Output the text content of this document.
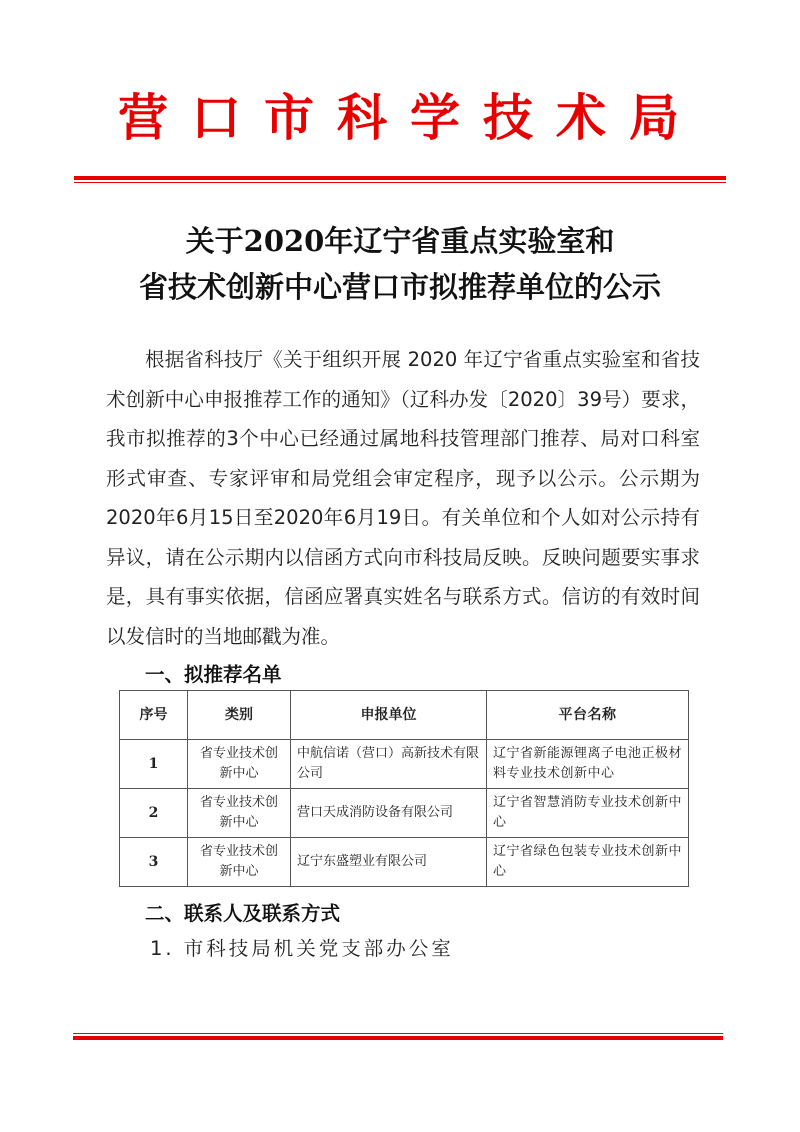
营口市科学技术局
关于2020年辽宁省重点实验室和
省技术创新中心营口市拟推荐单位的公示
根据省科技厅《关于组织开展 2020 年辽宁省重点实验室和省技术创新中心申报推荐工作的通知》（辽科办发〔2020〕39号）要求，我市拟推荐的3个中心已经通过属地科技管理部门推荐、局对口科室形式审查、专家评审和局党组会审定程序，现予以公示。公示期为2020年6月15日至2020年6月19日。有关单位和个人如对公示持有异议，请在公示期内以信函方式向市科技局反映。反映问题要实事求是，具有事实依据，信函应署真实姓名与联系方式。信访的有效时间以发信时的当地邮戳为准。
一、拟推荐名单
序号	类别	申报单位	平台名称
1	省专业技术创新中心	中航信诺（营口）高新技术有限公司	辽宁省新能源锂离子电池正极材料专业技术创新中心
2	省专业技术创新中心	营口天成消防设备有限公司	辽宁省智慧消防专业技术创新中心
3	省专业技术创新中心	辽宁东盛塑业有限公司	辽宁省绿色包装专业技术创新中心
二、联系人及联系方式
1. 市科技局机关党支部办公室
